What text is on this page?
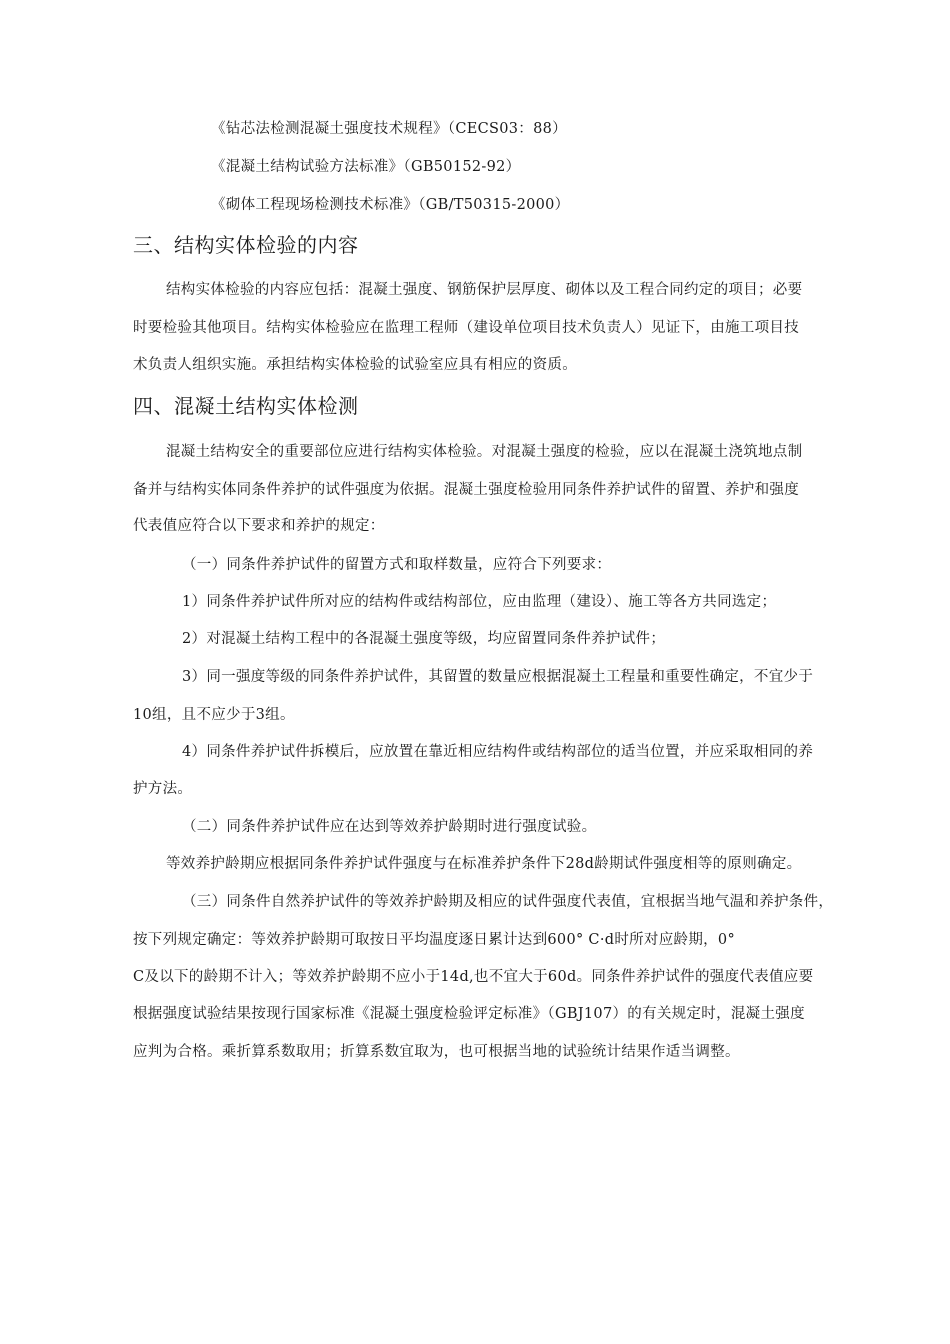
《钻芯法检测混凝土强度技术规程》（CECS03：88）
《混凝土结构试验方法标准》（GB50152-92）
《砌体工程现场检测技术标准》（GB/T50315-2000）
三、结构实体检验的内容
结构实体检验的内容应包括：混凝土强度、钢筋保护层厚度、砌体以及工程合同约定的项目；必要
时要检验其他项目。结构实体检验应在监理工程师（建设单位项目技术负责人）见证下，由施工项目技
术负责人组织实施。承担结构实体检验的试验室应具有相应的资质。
四、混凝土结构实体检测
混凝土结构安全的重要部位应进行结构实体检验。对混凝土强度的检验，应以在混凝土浇筑地点制
备并与结构实体同条件养护的试件强度为依据。混凝土强度检验用同条件养护试件的留置、养护和强度
代表值应符合以下要求和养护的规定：
（一）同条件养护试件的留置方式和取样数量，应符合下列要求：
1）同条件养护试件所对应的结构件或结构部位，应由监理（建设）、施工等各方共同选定；
2）对混凝土结构工程中的各混凝土强度等级，均应留置同条件养护试件；
3）同一强度等级的同条件养护试件，其留置的数量应根据混凝土工程量和重要性确定，不宜少于
10组，且不应少于3组。
4）同条件养护试件拆模后，应放置在靠近相应结构件或结构部位的适当位置，并应采取相同的养
护方法。
（二）同条件养护试件应在达到等效养护龄期时进行强度试验。
等效养护龄期应根据同条件养护试件强度与在标准养护条件下28d龄期试件强度相等的原则确定。
（三）同条件自然养护试件的等效养护龄期及相应的试件强度代表值，宜根据当地气温和养护条件，
按下列规定确定：等效养护龄期可取按日平均温度逐日累计达到600° C·d时所对应龄期，0°
C及以下的龄期不计入；等效养护龄期不应小于14d,也不宜大于60d。同条件养护试件的强度代表值应要
根据强度试验结果按现行国家标准《混凝土强度检验评定标准》（GBJ107）的有关规定时，混凝土强度
应判为合格。乘折算系数取用；折算系数宜取为，也可根据当地的试验统计结果作适当调整。
